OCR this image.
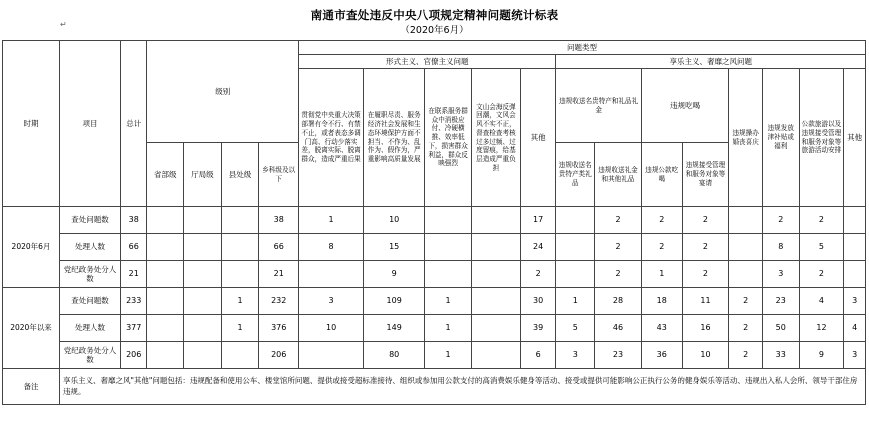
南通市查处违反中央八项规定精神问题统计标表
（2020年6月）
↵
时期	项目	总计	级别				问题类型												
							形式主义、官僚主义问题					享乐主义、奢靡之风问题							
							贯彻党中央重大决策部署有令不行、有禁不止，或者表态多调门高、行动少落实差，脱离实际、脱离群众，造成严重后果	在履职尽责、服务经济社会发展和生态环境保护方面不担当、不作为、乱作为、假作为，严重影响高质量发展	在联系服务群众中消极应付、冷硬横推、效率低下，损害群众利益，群众反映强烈	文山会海反弹回潮，文风会风不实不正，督查检查考核过多过频、过度留痕，给基层造成严重负担	其他	违规收送名贵特产和礼品礼金		违规吃喝		违规操办婚丧喜庆	违规发放津补贴或福利	公款旅游以及违规接受管理和服务对象等旅游活动安排	其他
			省部级	厅局级	县处级	乡科级及以下						违规收送名贵特产类礼品	违规收送礼金和其他礼品	违规公款吃喝	违规接受管理和服务对象等宴请				
2020年6月	查处问题数	38				38	1	10			17		2	2	2		2	2	
	处理人数	66				66	8	15			24		2	2	2		8	5	
	党纪政务处分人数	21				21		9			2		2	1	2		3	2	
2020年以来	查处问题数	233			1	232	3	109	1		30	1	28	18	11	2	23	4	3
	处理人数	377			1	376	10	149	1		39	5	46	43	16	2	50	12	4
	党纪政务处分人数	206				206		80	1		6	3	23	36	10	2	33	9	3
备注	享乐主义、奢靡之风"其他"问题包括：违规配备和使用公车、楼堂馆所问题、提供或接受超标准接待、组织或参加用公款支付的高消费娱乐健身等活动、接受或提供可能影响公正执行公务的健身娱乐等活动、违规出入私人会所、领导干部住房违规。																		
